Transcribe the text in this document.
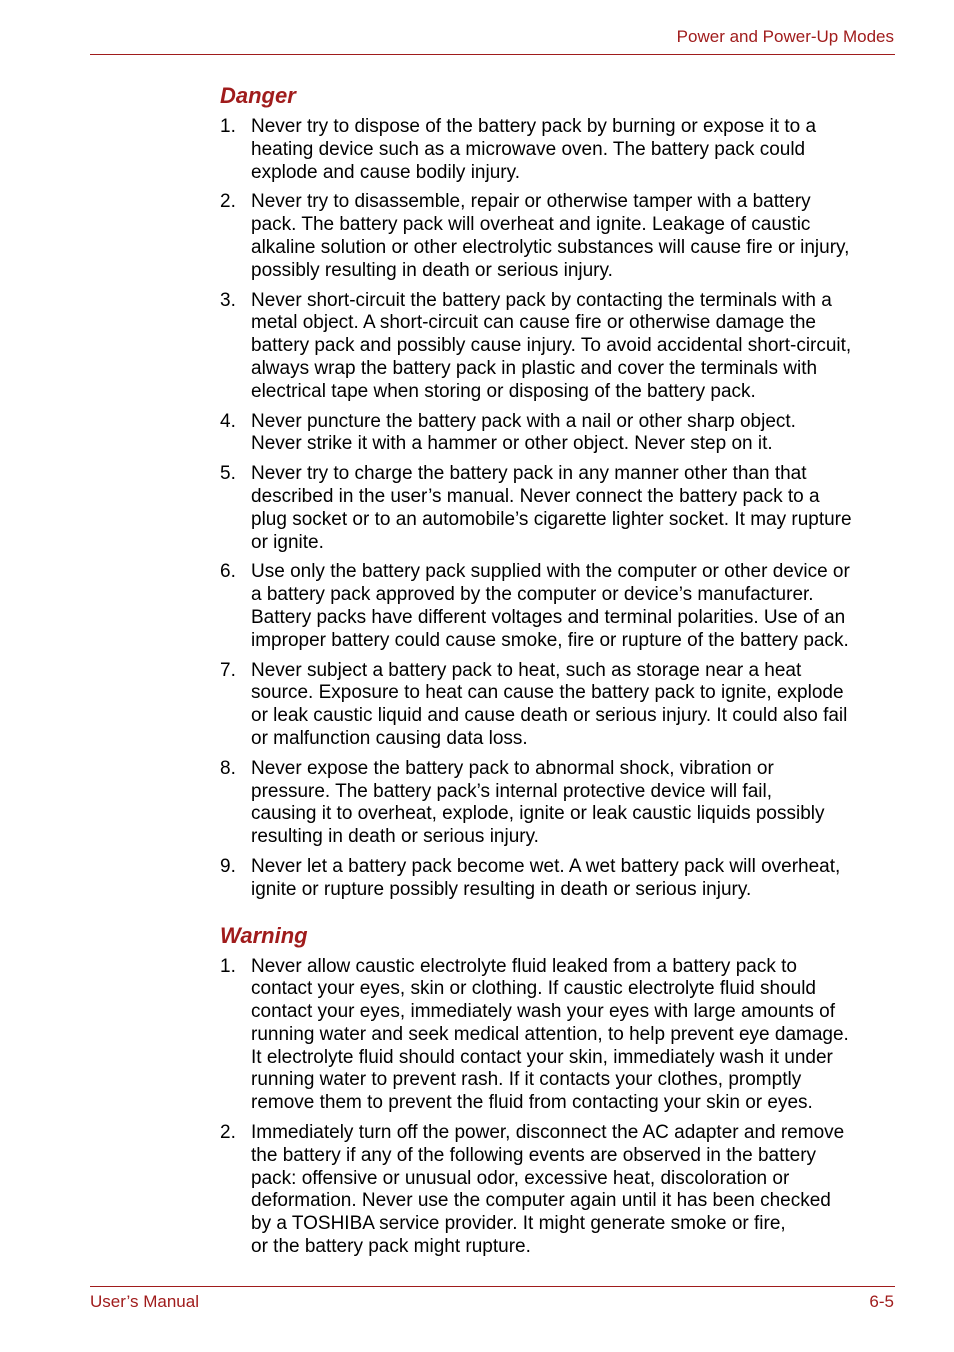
Power and Power-Up Modes
Danger
1. Never try to dispose of the battery pack by burning or expose it to a
heating device such as a microwave oven. The battery pack could
explode and cause bodily injury.
2. Never try to disassemble, repair or otherwise tamper with a battery
pack. The battery pack will overheat and ignite. Leakage of caustic
alkaline solution or other electrolytic substances will cause fire or injury,
possibly resulting in death or serious injury.
3. Never short-circuit the battery pack by contacting the terminals with a
metal object. A short-circuit can cause fire or otherwise damage the
battery pack and possibly cause injury. To avoid accidental short-circuit,
always wrap the battery pack in plastic and cover the terminals with
electrical tape when storing or disposing of the battery pack.
4. Never puncture the battery pack with a nail or other sharp object.
Never strike it with a hammer or other object. Never step on it.
5. Never try to charge the battery pack in any manner other than that
described in the user’s manual. Never connect the battery pack to a
plug socket or to an automobile’s cigarette lighter socket. It may rupture
or ignite.
6. Use only the battery pack supplied with the computer or other device or
a battery pack approved by the computer or device’s manufacturer.
Battery packs have different voltages and terminal polarities. Use of an
improper battery could cause smoke, fire or rupture of the battery pack.
7. Never subject a battery pack to heat, such as storage near a heat
source. Exposure to heat can cause the battery pack to ignite, explode
or leak caustic liquid and cause death or serious injury. It could also fail
or malfunction causing data loss.
8. Never expose the battery pack to abnormal shock, vibration or
pressure. The battery pack’s internal protective device will fail,
causing it to overheat, explode, ignite or leak caustic liquids possibly
resulting in death or serious injury.
9. Never let a battery pack become wet. A wet battery pack will overheat,
ignite or rupture possibly resulting in death or serious injury.
Warning
1. Never allow caustic electrolyte fluid leaked from a battery pack to
contact your eyes, skin or clothing. If caustic electrolyte fluid should
contact your eyes, immediately wash your eyes with large amounts of
running water and seek medical attention, to help prevent eye damage.
It electrolyte fluid should contact your skin, immediately wash it under
running water to prevent rash. If it contacts your clothes, promptly
remove them to prevent the fluid from contacting your skin or eyes.
2. Immediately turn off the power, disconnect the AC adapter and remove
the battery if any of the following events are observed in the battery
pack: offensive or unusual odor, excessive heat, discoloration or
deformation. Never use the computer again until it has been checked
by a TOSHIBA service provider. It might generate smoke or fire,
or the battery pack might rupture.
User’s Manual	6-5
